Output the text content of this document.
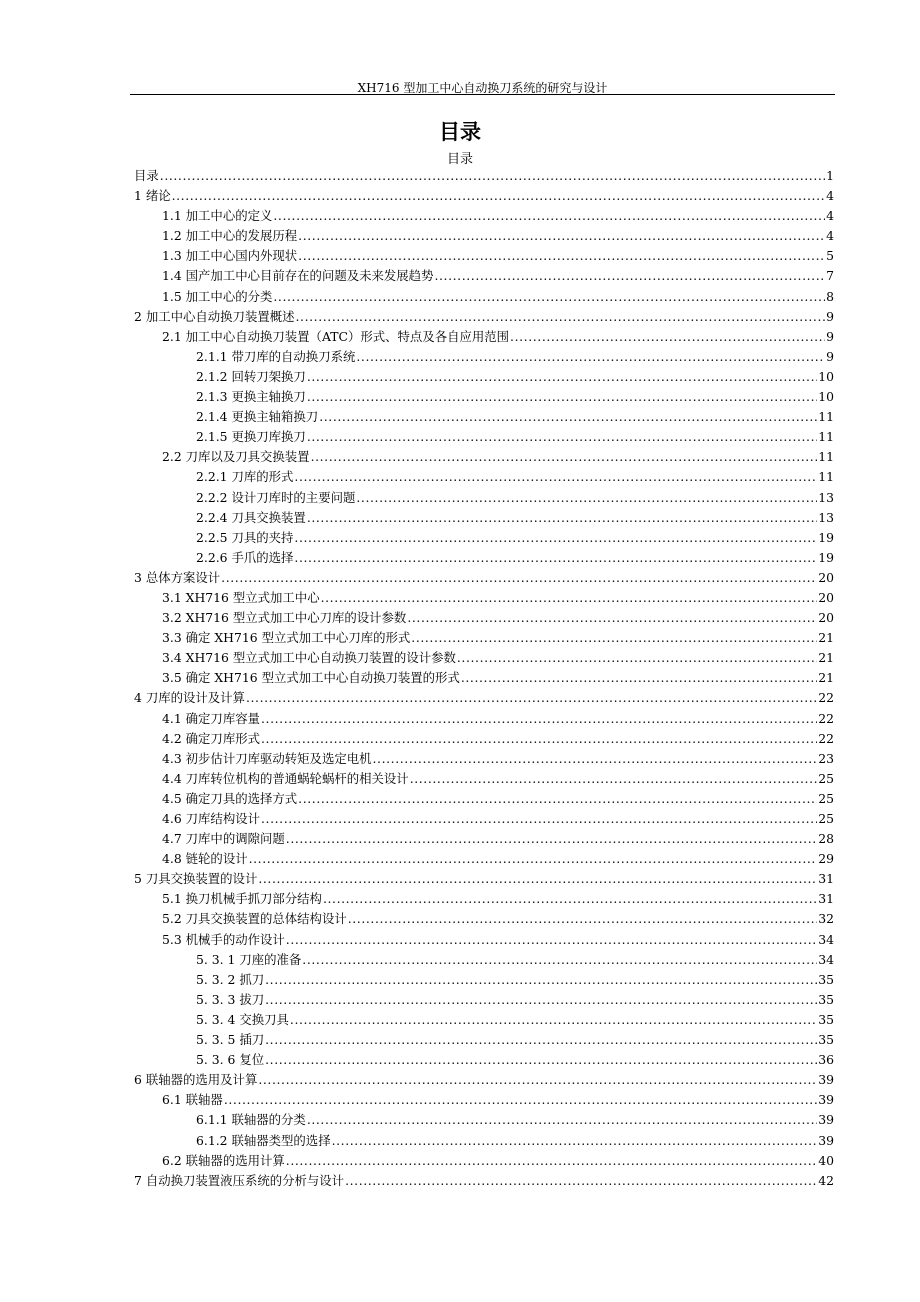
XH716 型加工中心自动换刀系统的研究与设计
目录
目录
目录 .....	1
1 绪论 .....	4
1.1 加工中心的定义 .....	4
1.2 加工中心的发展历程 .....	4
1.3 加工中心国内外现状 .....	5
1.4 国产加工中心目前存在的问题及未来发展趋势 .....	7
1.5 加工中心的分类 .....	8
2 加工中心自动换刀装置概述 .....	9
2.1 加工中心自动换刀装置（ATC）形式、特点及各自应用范围 .....	9
2.1.1 带刀库的自动换刀系统 .....	9
2.1.2 回转刀架换刀 .....	10
2.1.3 更换主轴换刀 .....	10
2.1.4 更换主轴箱换刀 .....	11
2.1.5 更换刀库换刀 .....	11
2.2 刀库以及刀具交换装置 .....	11
2.2.1 刀库的形式 .....	11
2.2.2 设计刀库时的主要问题 .....	13
2.2.4 刀具交换装置 .....	13
2.2.5 刀具的夹持 .....	19
2.2.6 手爪的选择 .....	19
3 总体方案设计 .....	20
3.1 XH716 型立式加工中心 .....	20
3.2 XH716 型立式加工中心刀库的设计参数 .....	20
3.3 确定 XH716 型立式加工中心刀库的形式 .....	21
3.4 XH716 型立式加工中心自动换刀装置的设计参数 .....	21
3.5 确定 XH716 型立式加工中心自动换刀装置的形式 .....	21
4 刀库的设计及计算 .....	22
4.1 确定刀库容量 .....	22
4.2 确定刀库形式 .....	22
4.3 初步估计刀库驱动转矩及选定电机 .....	23
4.4 刀库转位机构的普通蜗轮蜗杆的相关设计 .....	25
4.5 确定刀具的选择方式 .....	25
4.6 刀库结构设计 .....	25
4.7 刀库中的调隙问题 .....	28
4.8 链轮的设计 .....	29
5 刀具交换装置的设计 .....	31
5.1 换刀机械手抓刀部分结构 .....	31
5.2 刀具交换装置的总体结构设计 .....	32
5.3 机械手的动作设计 .....	34
5. 3. 1 刀座的准备 .....	34
5. 3. 2 抓刀 .....	35
5. 3. 3 拔刀 .....	35
5. 3. 4 交换刀具 .....	35
5. 3. 5 插刀 .....	35
5. 3. 6 复位 .....	36
6 联轴器的选用及计算 .....	39
6.1 联轴器 .....	39
6.1.1 联轴器的分类 .....	39
6.1.2 联轴器类型的选择 .....	39
6.2 联轴器的选用计算 .....	40
7 自动换刀装置液压系统的分析与设计 .....	42
